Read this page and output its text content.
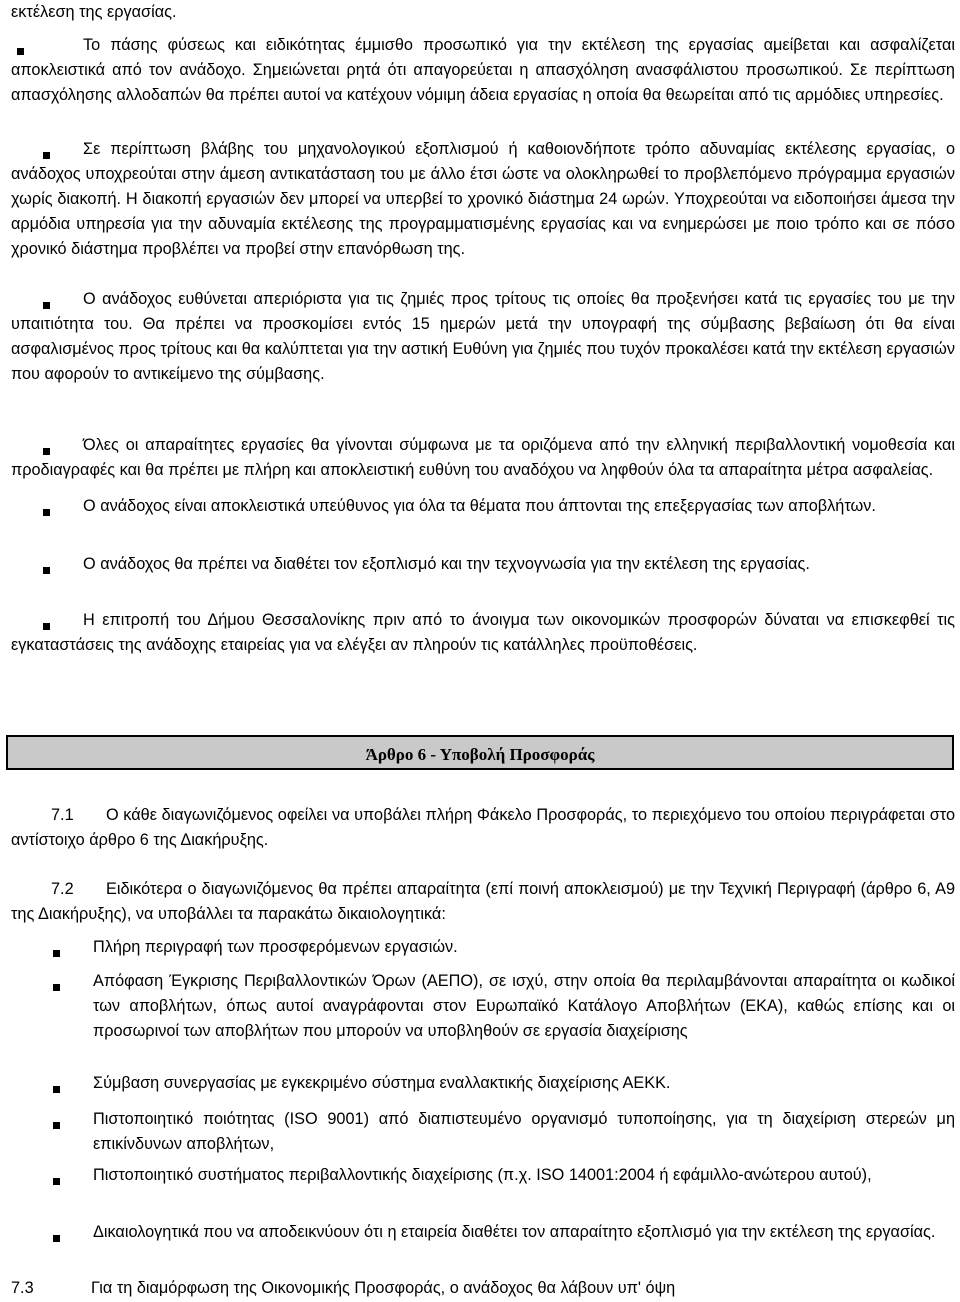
εκτέλεση της εργασίας.

Το πάσης φύσεως και ειδικότητας έμμισθο προσωπικό για την εκτέλεση της εργασίας αμείβεται και ασφαλίζεται αποκλειστικά από τον ανάδοχο. Σημειώνεται ρητά ότι απαγορεύεται η απασχόληση ανασφάλιστου προσωπικού. Σε περίπτωση απασχόλησης αλλοδαπών θα πρέπει αυτοί να κατέχουν νόμιμη άδεια εργασίας η οποία θα θεωρείται από τις αρμόδιες υπηρεσίες.
Σε περίπτωση βλάβης του μηχανολογικού εξοπλισμού ή καθοιονδήποτε τρόπο αδυναμίας εκτέλεσης εργασίας, ο ανάδοχος υποχρεούται στην άμεση αντικατάσταση του με άλλο έτσι ώστε να ολοκληρωθεί το προβλεπόμενο πρόγραμμα εργασιών χωρίς διακοπή. Η διακοπή εργασιών δεν μπορεί να υπερβεί το χρονικό διάστημα 24 ωρών. Υποχρεούται να ειδοποιήσει άμεσα την αρμόδια υπηρεσία για την αδυναμία εκτέλεσης της προγραμματισμένης εργασίας και να ενημερώσει με ποιο τρόπο και σε πόσο χρονικό διάστημα προβλέπει να προβεί στην επανόρθωση της.
Ο ανάδοχος ευθύνεται απεριόριστα για τις ζημιές προς τρίτους τις οποίες θα προξενήσει κατά τις εργασίες του με την υπαιτιότητα του. Θα πρέπει να προσκομίσει εντός 15 ημερών μετά την υπογραφή της σύμβασης βεβαίωση ότι θα είναι ασφαλισμένος προς τρίτους και θα καλύπτεται για την αστική Ευθύνη για ζημιές που τυχόν προκαλέσει κατά την εκτέλεση εργασιών που αφορούν το αντικείμενο της σύμβασης.
Όλες οι απαραίτητες εργασίες θα γίνονται σύμφωνα με τα οριζόμενα από την ελληνική περιβαλλοντική νομοθεσία και προδιαγραφές και θα πρέπει με πλήρη και αποκλειστική ευθύνη του αναδόχου να ληφθούν όλα τα απαραίτητα μέτρα ασφαλείας.
Ο ανάδοχος είναι αποκλειστικά υπεύθυνος για όλα τα θέματα που άπτονται της επεξεργασίας των αποβλήτων.
Ο ανάδοχος θα πρέπει να διαθέτει τον εξοπλισμό και την τεχνογνωσία για την εκτέλεση της εργασίας.
Η επιτροπή του Δήμου Θεσσαλονίκης πριν από το άνοιγμα των οικονομικών προσφορών δύναται να επισκεφθεί τις εγκαταστάσεις της ανάδοχης εταιρείας για να ελέγξει αν πληρούν τις κατάλληλες προϋποθέσεις.
Άρθρο 6 - Υποβολή Προσφοράς
7.1 Ο κάθε διαγωνιζόμενος οφείλει να υποβάλει πλήρη Φάκελο Προσφοράς, το περιεχόμενο του οποίου περιγράφεται στο αντίστοιχο άρθρο 6 της Διακήρυξης.
7.2 Ειδικότερα ο διαγωνιζόμενος θα πρέπει απαραίτητα (επί ποινή αποκλεισμού) με την Τεχνική Περιγραφή (άρθρο 6, Α9 της Διακήρυξης), να υποβάλλει τα παρακάτω δικαιολογητικά:
Πλήρη περιγραφή των προσφερόμενων εργασιών.
Απόφαση Έγκρισης Περιβαλλοντικών Όρων (ΑΕΠΟ), σε ισχύ, στην οποία θα περιλαμβάνονται απαραίτητα οι κωδικοί των αποβλήτων, όπως αυτοί αναγράφονται στον Ευρωπαϊκό Κατάλογο Αποβλήτων (ΕΚΑ), καθώς επίσης και οι προσωρινοί των αποβλήτων που μπορούν να υποβληθούν σε εργασία διαχείρισης
Σύμβαση συνεργασίας με εγκεκριμένο σύστημα εναλλακτικής διαχείρισης ΑΕΚΚ.
Πιστοποιητικό ποιότητας (ISO 9001) από διαπιστευμένο οργανισμό τυποποίησης, για τη διαχείριση στερεών μη επικίνδυνων αποβλήτων,
Πιστοποιητικό συστήματος περιβαλλοντικής διαχείρισης (π.χ. ISO 14001:2004 ή εφάμιλλο-ανώτερου αυτού),
Δικαιολογητικά που να αποδεικνύουν ότι η εταιρεία διαθέτει τον απαραίτητο εξοπλισμό για την εκτέλεση της εργασίας.
7.3	Για τη διαμόρφωση της Οικονομικής Προσφοράς, ο ανάδοχος θα λάβουν υπ' όψη
